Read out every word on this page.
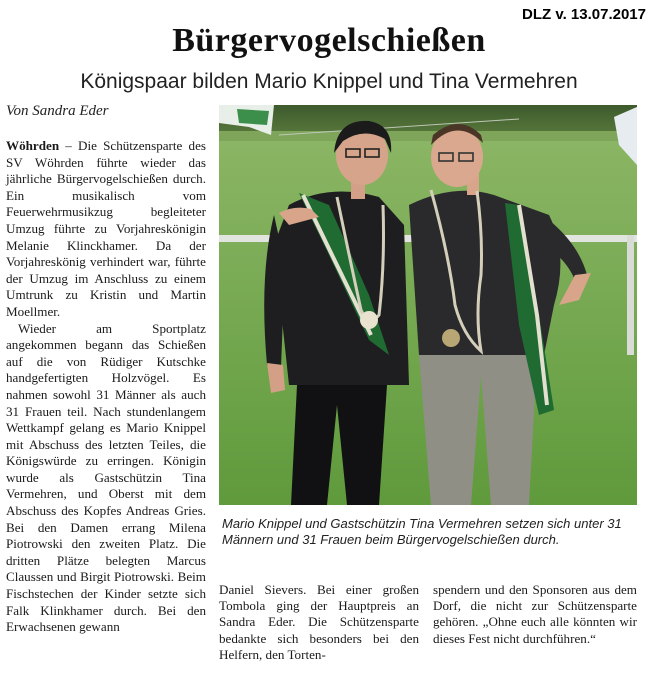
DLZ v. 13.07.2017
Bürgervogelschießen
Königspaar bilden Mario Knippel und Tina Vermehren
Von Sandra Eder

Wöhrden – Die Schützensparte des SV Wöhrden führte wieder das jährliche Bürgervogelschießen durch. Ein musikalisch vom Feuerwehrmusikzug begleiteter Umzug führte zu Vorjahreskönigin Melanie Klinckhamer. Da der Vorjahreskönig verhindert war, führte der Umzug im Anschluss zu einem Umtrunk zu Kristin und Martin Moellmer.

Wieder am Sportplatz angekommen begann das Schießen auf die von Rüdiger Kutschke handgefertigten Holzvögel. Es nahmen sowohl 31 Männer als auch 31 Frauen teil. Nach stundenlangem Wettkampf gelang es Mario Knippel mit Abschuss des letzten Teiles, die Königswürde zu erringen. Königin wurde als Gastschützin Tina Vermehren, und Oberst mit dem Abschuss des Kopfes Andreas Gries. Bei den Damen errang Milena Piotrowski den zweiten Platz. Die dritten Plätze belegten Marcus Claussen und Birgit Piotrowski. Beim Fischstechen der Kinder setzte sich Falk Klinkhamer durch. Bei den Erwachsenen gewann

Mario Knippel und Gastschützin Tina Vermehren setzen sich unter 31 Männern und 31 Frauen beim Bürgervogelschießen durch.

Daniel Sievers. Bei einer großen Tombola ging der Hauptpreis an Sandra Eder. Die Schützensparte bedankte sich besonders bei den Helfern, den Torten-

spendern und den Sponsoren aus dem Dorf, die nicht zur Schützensparte gehören. „Ohne euch alle könnten wir dieses Fest nicht durchführen.“
